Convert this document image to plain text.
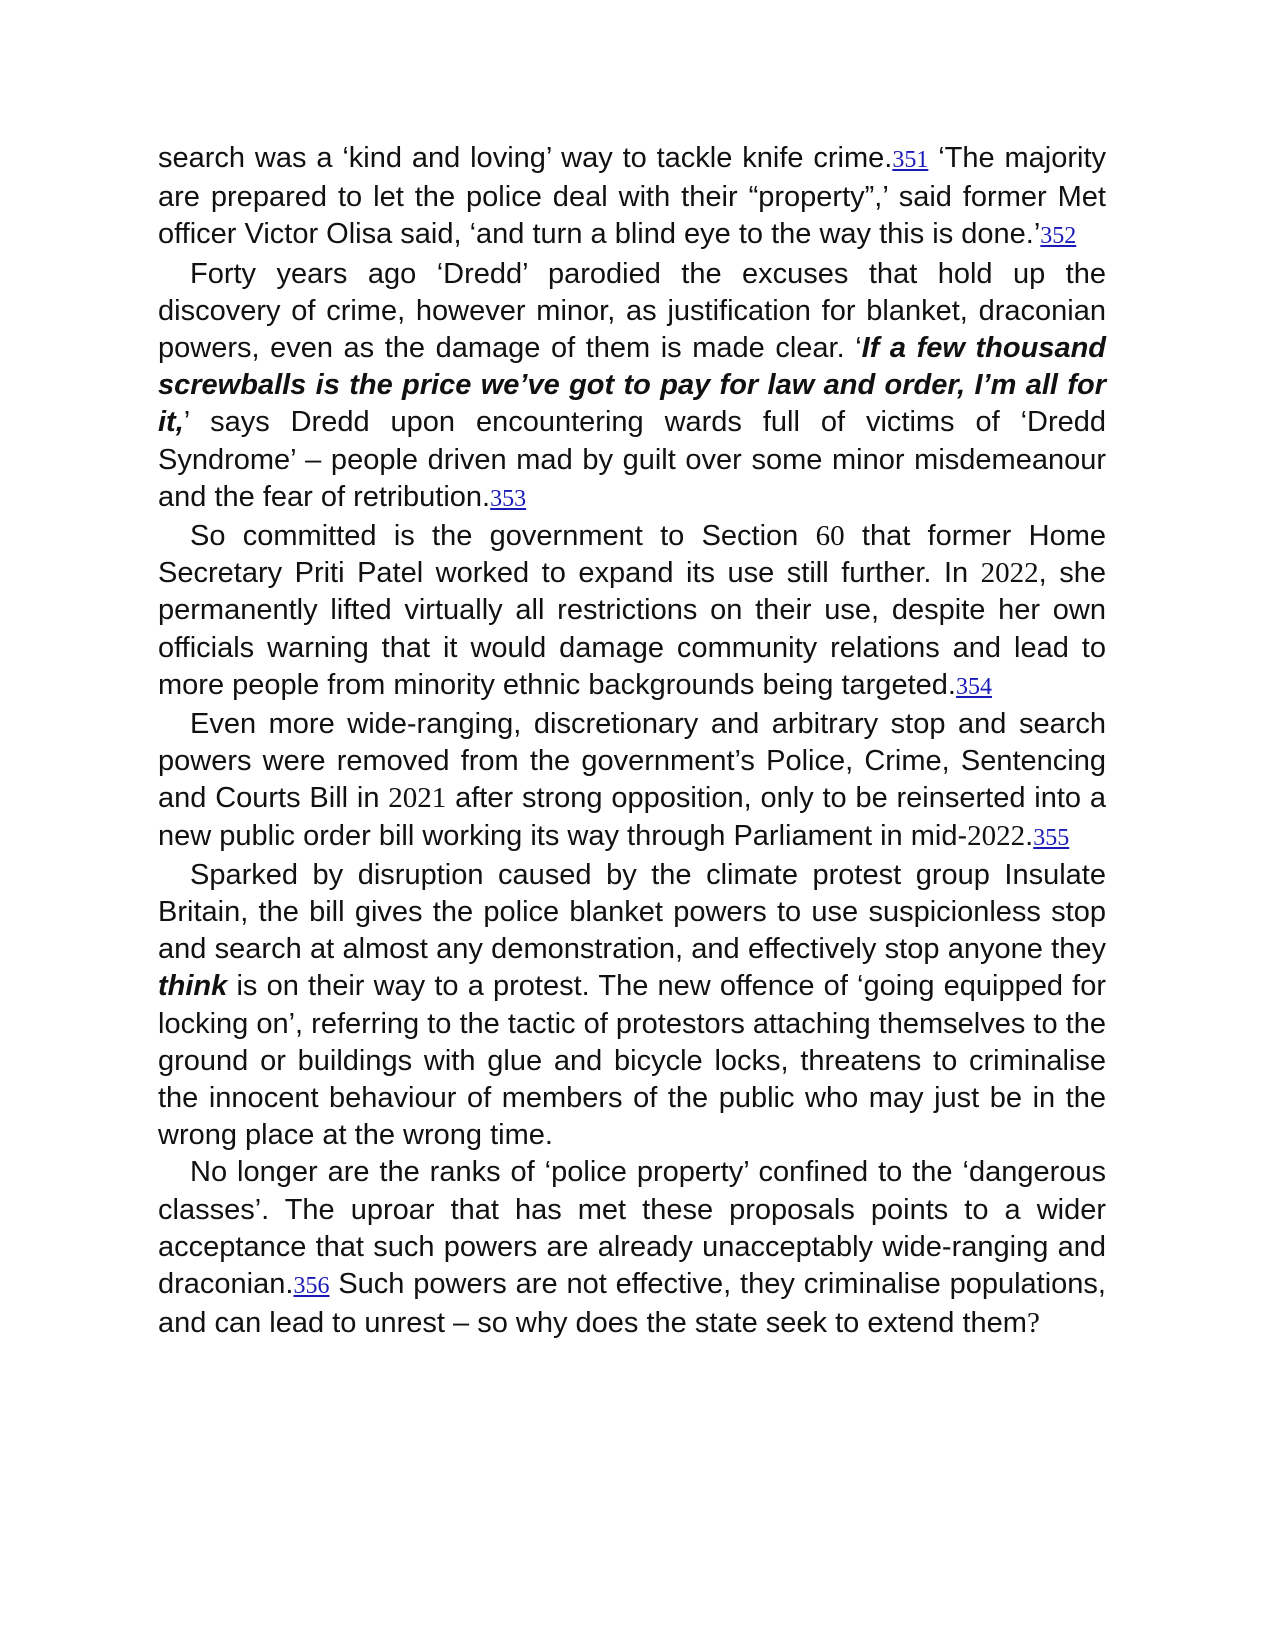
search was a ‘kind and loving’ way to tackle knife crime.351 ‘The majority are prepared to let the police deal with their “property”,’ said former Met officer Victor Olisa said, ‘and turn a blind eye to the way this is done.’352

Forty years ago ‘Dredd’ parodied the excuses that hold up the discovery of crime, however minor, as justification for blanket, draconian powers, even as the damage of them is made clear. ‘If a few thousand screwballs is the price we’ve got to pay for law and order, I’m all for it,’ says Dredd upon encountering wards full of victims of ‘Dredd Syndrome’ – people driven mad by guilt over some minor misdemeanour and the fear of retribution.353

So committed is the government to Section 60 that former Home Secretary Priti Patel worked to expand its use still further. In 2022, she permanently lifted virtually all restrictions on their use, despite her own officials warning that it would damage community relations and lead to more people from minority ethnic backgrounds being targeted.354

Even more wide-ranging, discretionary and arbitrary stop and search powers were removed from the government’s Police, Crime, Sentencing and Courts Bill in 2021 after strong opposition, only to be reinserted into a new public order bill working its way through Parliament in mid-2022.355

Sparked by disruption caused by the climate protest group Insulate Britain, the bill gives the police blanket powers to use suspicionless stop and search at almost any demonstration, and effectively stop anyone they think is on their way to a protest. The new offence of ‘going equipped for locking on’, referring to the tactic of protestors attaching themselves to the ground or buildings with glue and bicycle locks, threatens to criminalise the innocent behaviour of members of the public who may just be in the wrong place at the wrong time.

No longer are the ranks of ‘police property’ confined to the ‘dangerous classes’. The uproar that has met these proposals points to a wider acceptance that such powers are already unacceptably wide-ranging and draconian.356 Such powers are not effective, they criminalise populations, and can lead to unrest – so why does the state seek to extend them?
